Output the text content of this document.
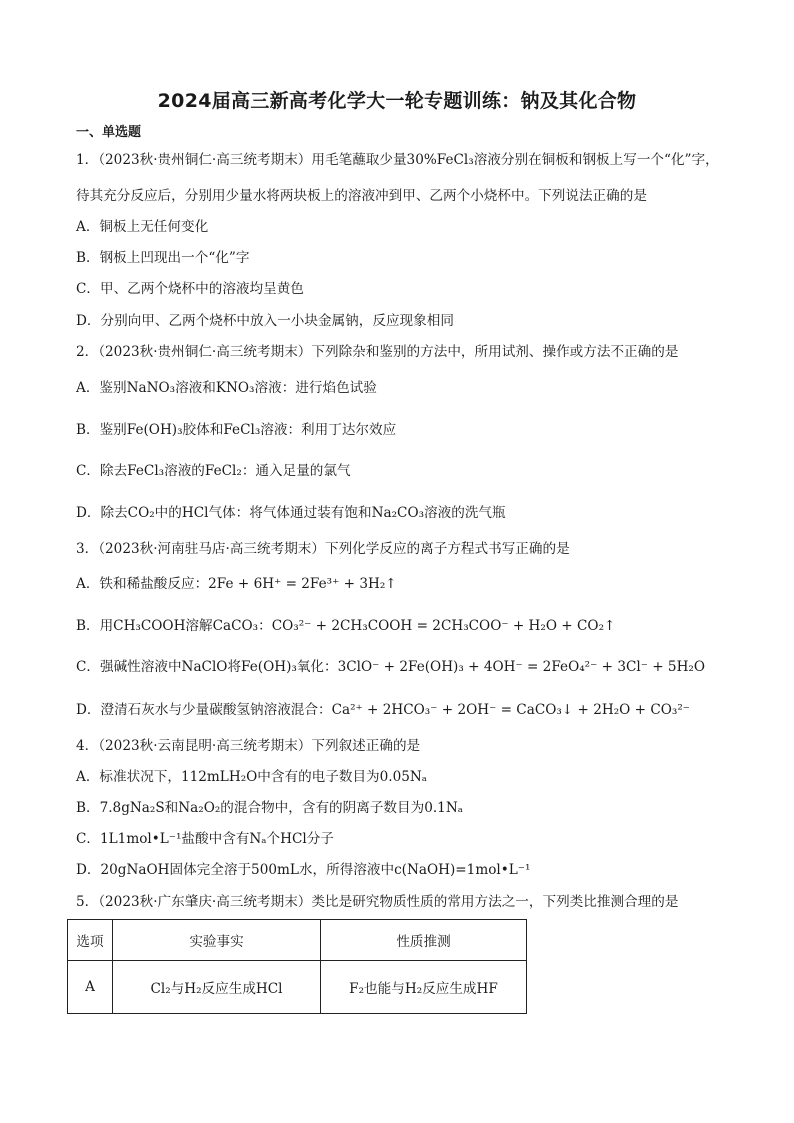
2024届高三新高考化学大一轮专题训练：钠及其化合物
一、单选题
1．（2023秋·贵州铜仁·高三统考期末）用毛笔蘸取少量30%FeCl₃溶液分别在铜板和钢板上写一个“化”字，
待其充分反应后，分别用少量水将两块板上的溶液冲到甲、乙两个小烧杯中。下列说法正确的是
A．铜板上无任何变化
B．钢板上凹现出一个“化”字
C．甲、乙两个烧杯中的溶液均呈黄色
D．分别向甲、乙两个烧杯中放入一小块金属钠，反应现象相同
2．（2023秋·贵州铜仁·高三统考期末）下列除杂和鉴别的方法中，所用试剂、操作或方法不正确的是
A．鉴别NaNO₃溶液和KNO₃溶液：进行焰色试验
B．鉴别Fe(OH)₃胶体和FeCl₃溶液：利用丁达尔效应
C．除去FeCl₃溶液的FeCl₂：通入足量的氯气
D．除去CO₂中的HCl气体：将气体通过装有饱和Na₂CO₃溶液的洗气瓶
3．（2023秋·河南驻马店·高三统考期末）下列化学反应的离子方程式书写正确的是
A．铁和稀盐酸反应：2Fe + 6H⁺ = 2Fe³⁺ + 3H₂↑
B．用CH₃COOH溶解CaCO₃：CO₃²⁻ + 2CH₃COOH = 2CH₃COO⁻ + H₂O + CO₂↑
C．强碱性溶液中NaClO将Fe(OH)₃氧化：3ClO⁻ + 2Fe(OH)₃ + 4OH⁻ = 2FeO₄²⁻ + 3Cl⁻ + 5H₂O
D．澄清石灰水与少量碳酸氢钠溶液混合：Ca²⁺ + 2HCO₃⁻ + 2OH⁻ = CaCO₃↓ + 2H₂O + CO₃²⁻
4．（2023秋·云南昆明·高三统考期末）下列叙述正确的是
A．标准状况下，112mLH₂O中含有的电子数目为0.05Nₐ
B．7.8gNa₂S和Na₂O₂的混合物中，含有的阴离子数目为0.1Nₐ
C．1L1mol•L⁻¹盐酸中含有Nₐ个HCl分子
D．20gNaOH固体完全溶于500mL水，所得溶液中c(NaOH)=1mol•L⁻¹
5．（2023秋·广东肇庆·高三统考期末）类比是研究物质性质的常用方法之一，下列类比推测合理的是
选项	实验事实	性质推测
A	Cl₂与H₂反应生成HCl	F₂也能与H₂反应生成HF
